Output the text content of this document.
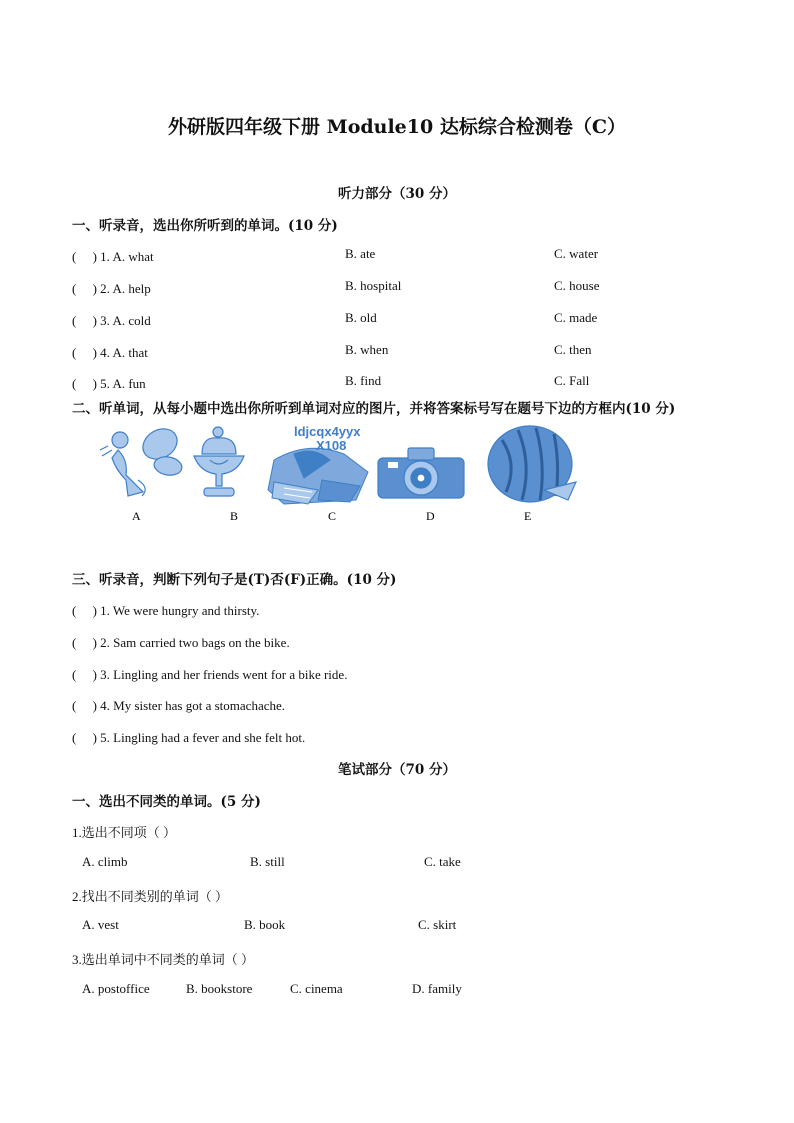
外研版四年级下册 Module10 达标综合检测卷（C）
听力部分（30 分）
一、听录音，选出你所听到的单词。(10 分)
(　 ) 1. A. what	B. ate	C. water
(　 ) 2. A. help	B. hospital	C. house
(　 ) 3. A. cold	B. old	C. made
(　 ) 4. A. that	B. when	C. then
(　 ) 5. A. fun	B. find	C. Fall
二、听单词，从每小题中选出你所听到单词对应的图片，并将答案标号写在题号下边的方框内(10 分)
ldjcqx4yyx
X108
A	B	C	D	E
三、听录音，判断下列句子是(T)否(F)正确。(10 分)
(　 ) 1. We were hungry and thirsty.
(　 ) 2. Sam carried two bags on the bike.
(　 ) 3. Lingling and her friends went for a bike ride.
(　 ) 4. My sister has got a stomachache.
(　 ) 5. Lingling had a fever and she felt hot.
笔试部分（70 分）
一、选出不同类的单词。(5 分)
1.选出不同项（ ）
A. climb	B. still	C. take
2.找出不同类别的单词（ ）
A. vest	B. book	C. skirt
3.选出单词中不同类的单词（ ）
A. postoffice	B. bookstore	C. cinema	D. family
